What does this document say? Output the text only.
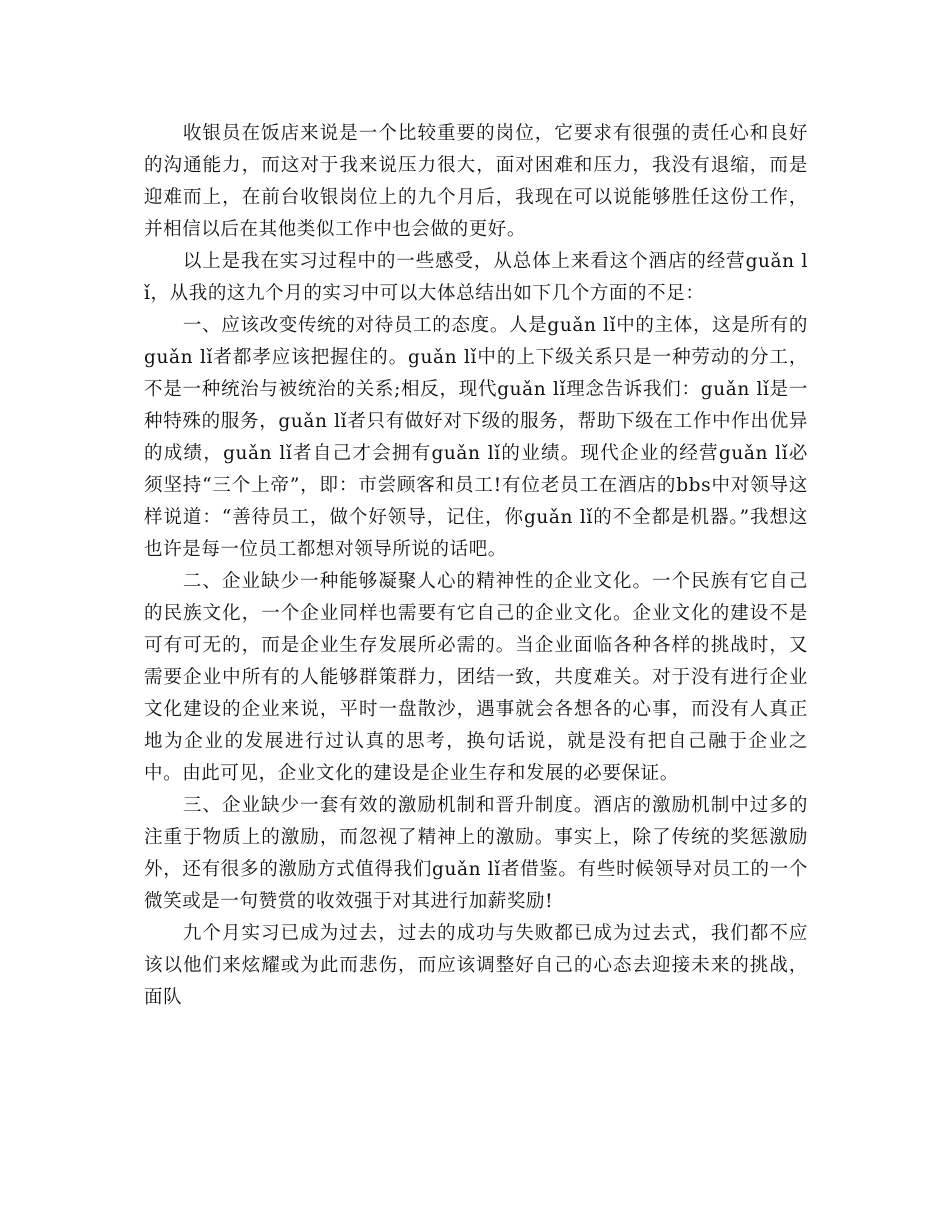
收银员在饭店来说是一个比较重要的岗位，它要求有很强的责任心和良好的沟通能力，而这对于我来说压力很大，面对困难和压力，我没有退缩，而是迎难而上，在前台收银岗位上的九个月后，我现在可以说能够胜任这份工作，并相信以后在其他类似工作中也会做的更好。

以上是我在实习过程中的一些感受，从总体上来看这个酒店的经营guǎn lǐ，从我的这九个月的实习中可以大体总结出如下几个方面的不足：

一、应该改变传统的对待员工的态度。人是guǎn lǐ中的主体，这是所有的guǎn lǐ者都孝应该把握住的。guǎn lǐ中的上下级关系只是一种劳动的分工，不是一种统治与被统治的关系;相反，现代guǎn lǐ理念告诉我们：guǎn lǐ是一种特殊的服务，guǎn lǐ者只有做好对下级的服务，帮助下级在工作中作出优异的成绩，guǎn lǐ者自己才会拥有guǎn lǐ的业绩。现代企业的经营guǎn lǐ必须坚持“三个上帝”，即：市尝顾客和员工!有位老员工在酒店的bbs中对领导这样说道：“善待员工，做个好领导，记住，你guǎn lǐ的不全都是机器。”我想这也许是每一位员工都想对领导所说的话吧。

二、企业缺少一种能够凝聚人心的精神性的企业文化。一个民族有它自己的民族文化，一个企业同样也需要有它自己的企业文化。企业文化的建设不是可有可无的，而是企业生存发展所必需的。当企业面临各种各样的挑战时，又需要企业中所有的人能够群策群力，团结一致，共度难关。对于没有进行企业文化建设的企业来说，平时一盘散沙，遇事就会各想各的心事，而没有人真正地为企业的发展进行过认真的思考，换句话说，就是没有把自己融于企业之中。由此可见，企业文化的建设是企业生存和发展的必要保证。

三、企业缺少一套有效的激励机制和晋升制度。酒店的激励机制中过多的注重于物质上的激励，而忽视了精神上的激励。事实上，除了传统的奖惩激励外，还有很多的激励方式值得我们guǎn lǐ者借鉴。有些时候领导对员工的一个微笑或是一句赞赏的收效强于对其进行加薪奖励!

九个月实习已成为过去，过去的成功与失败都已成为过去式，我们都不应该以他们来炫耀或为此而悲伤，而应该调整好自己的心态去迎接未来的挑战，面队
